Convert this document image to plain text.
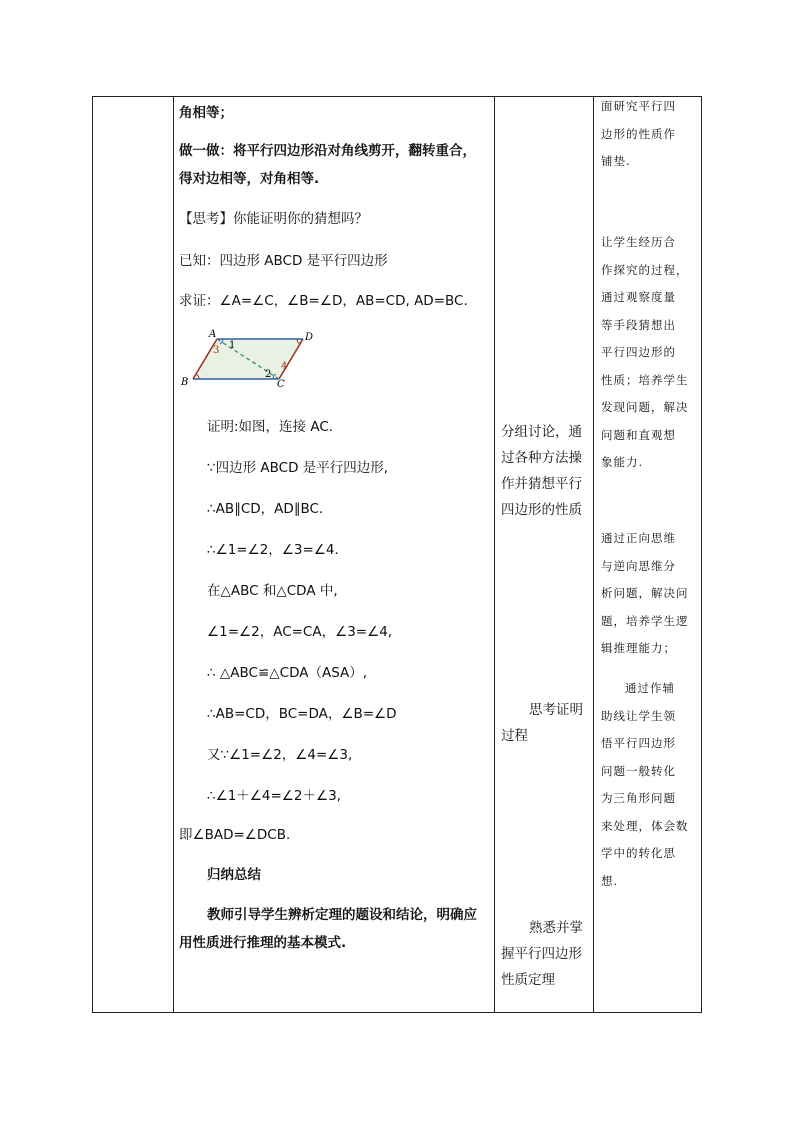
角相等；

做一做：将平行四边形沿对角线剪开，翻转重合，

得对边相等，对角相等.

【思考】你能证明你的猜想吗？

已知：四边形 ABCD 是平行四边形

求证：∠A=∠C，∠B=∠D，AB=CD, AD=BC.

证明:如图，连接 AC．

∵四边形 ABCD 是平行四边形,

∴AB∥CD，AD∥BC．

∴∠1=∠2，∠3=∠4．

在△ABC 和△CDA 中,

∠1=∠2，AC=CA，∠3=∠4,

∴ △ABC≌△CDA（ASA）,

∴AB=CD，BC=DA，∠B=∠D

又∵∠1=∠2，∠4=∠3,

∴∠1＋∠4=∠2＋∠3,

即∠BAD=∠DCB.

归纳总结

教师引导学生辨析定理的题设和结论，明确应

用性质进行推理的基本模式.

A	D
B	C
1
3
2
4
分组讨论，通
过各种方法操
作并猜想平行
四边形的性质
思考证明
过程
熟悉并掌
握平行四边形
性质定理
面研究平行四
边形的性质作
铺垫.
让学生经历合
作探究的过程，
通过观察度量
等手段猜想出
平行四边形的
性质；培养学生
发现问题，解决
问题和直观想
象能力.
通过正向思维
与逆向思维分
析问题，解决问
题，培养学生逻
辑推理能力；
通过作辅
助线让学生领
悟平行四边形
问题一般转化
为三角形问题
来处理，体会数
学中的转化思
想.
